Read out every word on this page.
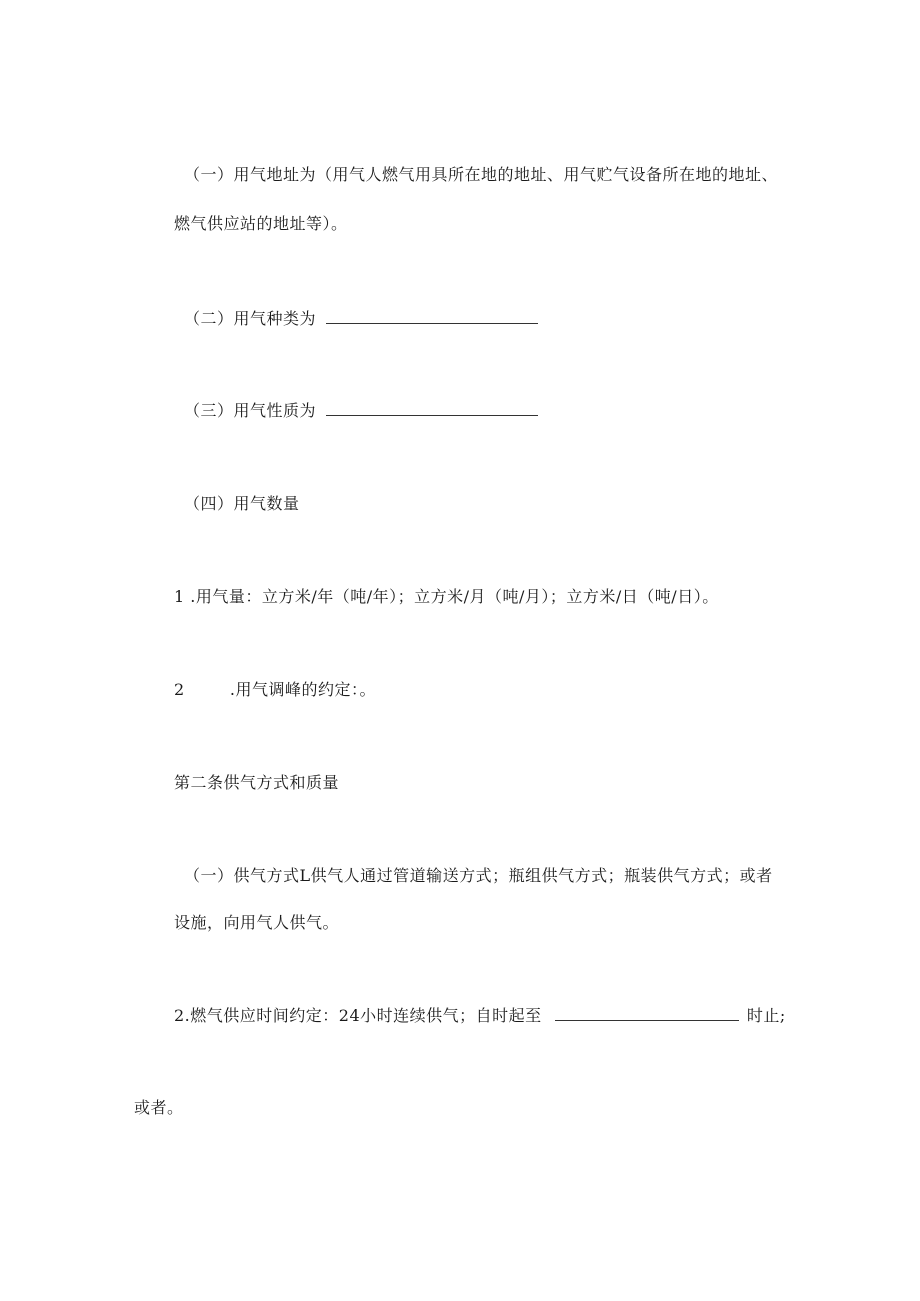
（一）用气地址为（用气人燃气用具所在地的地址、用气贮气设备所在地的地址、
燃气供应站的地址等）。
（二）用气种类为
（三）用气性质为
（四）用气数量
1 .用气量：立方米/年（吨/年）；立方米/月（吨/月）；立方米/日（吨/日）。
2	.用气调峰的约定：。
第二条供气方式和质量
（一）供气方式L供气人通过管道输送方式；瓶组供气方式；瓶装供气方式；或者
设施，向用气人供气。
2.燃气供应时间约定：24小时连续供气；自时起至	时止;
或者。
